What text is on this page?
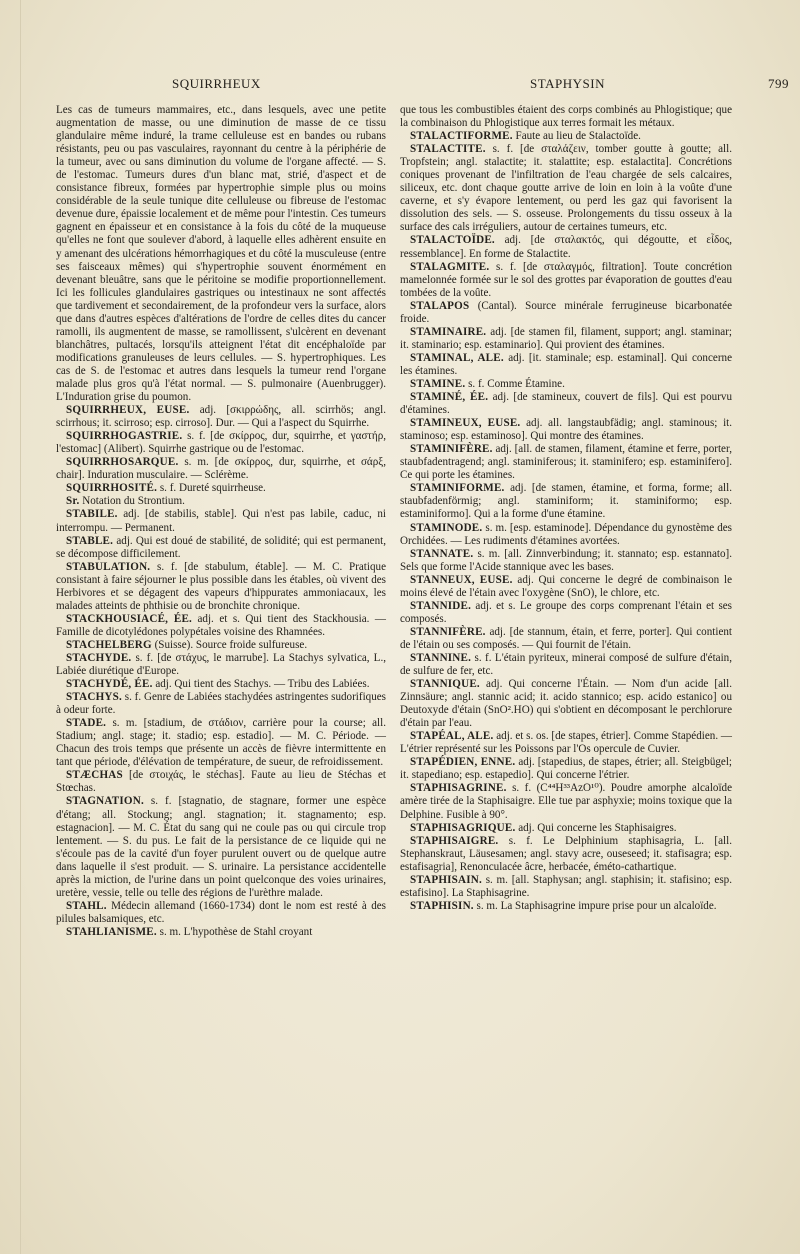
SQUIRRHEUX	STAPHYSIN	799

Les cas de tumeurs mammaires, etc., dans lesquels, avec une petite augmentation de masse, ou une diminution de masse de ce tissu glandulaire même induré, la trame celluleuse est en bandes ou rubans résistants, peu ou pas vasculaires, rayonnant du centre à la périphérie de la tumeur, avec ou sans diminution du volume de l'organe affecté. — S. de l'estomac. Tumeurs dures d'un blanc mat, strié, d'aspect et de consistance fibreux, formées par hypertrophie simple plus ou moins considérable de la seule tunique dite celluleuse ou fibreuse de l'estomac devenue dure, épaissie localement et de même pour l'intestin. Ces tumeurs gagnent en épaisseur et en consistance à la fois du côté de la muqueuse qu'elles ne font que soulever d'abord, à laquelle elles adhèrent ensuite en y amenant des ulcérations hémorrhagiques et du côté la musculeuse (entre ses faisceaux mêmes) qui s'hypertrophie souvent énormément en devenant bleuâtre, sans que le péritoine se modifie proportionnellement. Ici les follicules glandulaires gastriques ou intestinaux ne sont affectés que tardivement et secondairement, de la profondeur vers la surface, alors que dans d'autres espèces d'altérations de l'ordre de celles dites du cancer ramolli, ils augmentent de masse, se ramollissent, s'ulcèrent en devenant blanchâtres, pultacés, lorsqu'ils atteignent l'état dit encéphaloïde par modifications granuleuses de leurs cellules. — S. hypertrophiques. Les cas de S. de l'estomac et autres dans lesquels la tumeur rend l'organe malade plus gros qu'à l'état normal. — S. pulmonaire (Auenbrugger). L'Induration grise du poumon.

SQUIRRHEUX, EUSE. adj. [σκιρρώδης, all. scirrhös; angl. scirrhous; it. scirroso; esp. cirroso]. Dur. — Qui a l'aspect du Squirrhe.

SQUIRRHOGASTRIE. s. f. [de σκίρρος, dur, squirrhe, et γαστήρ, l'estomac] (Alibert). Squirrhe gastrique ou de l'estomac.

SQUIRRHOSARQUE. s. m. [de σκίρρος, dur, squirrhe, et σάρξ, chair]. Induration musculaire. — Sclérème.

SQUIRRHOSITÉ. s. f. Dureté squirrheuse.

Sr. Notation du Strontium.

STABILE. adj. [de stabilis, stable]. Qui n'est pas labile, caduc, ni interrompu. — Permanent.

STABLE. adj. Qui est doué de stabilité, de solidité; qui est permanent, se décompose difficilement.

STABULATION. s. f. [de stabulum, étable]. — M. C. Pratique consistant à faire séjourner le plus possible dans les étables, où vivent des Herbivores et se dégagent des vapeurs d'hippurates ammoniacaux, les malades atteints de phthisie ou de bronchite chronique.

STACKHOUSIACÉ, ÉE. adj. et s. Qui tient des Stackhousia. — Famille de dicotylédones polypétales voisine des Rhamnées.

STACHELBERG (Suisse). Source froide sulfureuse.

STACHYDE. s. f. [de στάχυς, le marrube]. La Stachys sylvatica, L., Labiée diurétique d'Europe.

STACHYDÉ, ÉE. adj. Qui tient des Stachys. — Tribu des Labiées.

STACHYS. s. f. Genre de Labiées stachydées astringentes sudorifiques à odeur forte.

STADE. s. m. [stadium, de στάδιον, carrière pour la course; all. Stadium; angl. stage; it. stadio; esp. estadio]. — M. C. Période. — Chacun des trois temps que présente un accès de fièvre intermittente en tant que période, d'élévation de température, de sueur, de refroidissement.

STÆCHAS [de στοιχάς, le stéchas]. Faute au lieu de Stéchas et Stœchas.

STAGNATION. s. f. [stagnatio, de stagnare, former une espèce d'étang; all. Stockung; angl. stagnation; it. stagnamento; esp. estagnacion]. — M. C. État du sang qui ne coule pas ou qui circule trop lentement. — S. du pus. Le fait de la persistance de ce liquide qui ne s'écoule pas de la cavité d'un foyer purulent ouvert ou de quelque autre dans laquelle il s'est produit. — S. urinaire. La persistance accidentelle après la miction, de l'urine dans un point quelconque des voies urinaires, uretère, vessie, telle ou telle des régions de l'urèthre malade.

STAHL. Médecin allemand (1660-1734) dont le nom est resté à des pilules balsamiques, etc.

STAHLIANISME. s. m. L'hypothèse de Stahl croyant

que tous les combustibles étaient des corps combinés au Phlogistique; que la combinaison du Phlogistique aux terres formait les métaux.

STALACTIFORME. Faute au lieu de Stalactoïde.

STALACTITE. s. f. [de σταλάζειν, tomber goutte à goutte; all. Tropfstein; angl. stalactite; it. stalattite; esp. estalactita]. Concrétions coniques provenant de l'infiltration de l'eau chargée de sels calcaires, siliceux, etc. dont chaque goutte arrive de loin en loin à la voûte d'une caverne, et s'y évapore lentement, ou perd les gaz qui favorisent la dissolution des sels. — S. osseuse. Prolongements du tissu osseux à la surface des cals irréguliers, autour de certaines tumeurs, etc.

STALACTOÏDE. adj. [de σταλακτός, qui dégoutte, et εἶδος, ressemblance]. En forme de Stalactite.

STALAGMITE. s. f. [de σταλαγμός, filtration]. Toute concrétion mamelonnée formée sur le sol des grottes par évaporation de gouttes d'eau tombées de la voûte.

STALAPOS (Cantal). Source minérale ferrugineuse bicarbonatée froide.

STAMINAIRE. adj. [de stamen fil, filament, support; angl. staminar; it. staminario; esp. estaminario]. Qui provient des étamines.

STAMINAL, ALE. adj. [it. staminale; esp. estaminal]. Qui concerne les étamines.

STAMINE. s. f. Comme Étamine.

STAMINÉ, ÉE. adj. [de stamineux, couvert de fils]. Qui est pourvu d'étamines.

STAMINEUX, EUSE. adj. all. langstaubfädig; angl. staminous; it. staminoso; esp. estaminoso]. Qui montre des étamines.

STAMINIFÈRE. adj. [all. de stamen, filament, étamine et ferre, porter, staubfadentragend; angl. staminiferous; it. staminifero; esp. estaminifero]. Ce qui porte les étamines.

STAMINIFORME. adj. [de stamen, étamine, et forma, forme; all. staubfadenförmig; angl. staminiform; it. staminiformo; esp. estaminiformo]. Qui a la forme d'une étamine.

STAMINODE. s. m. [esp. estaminode]. Dépendance du gynostème des Orchidées. — Les rudiments d'étamines avortées.

STANNATE. s. m. [all. Zinnverbindung; it. stannato; esp. estannato]. Sels que forme l'Acide stannique avec les bases.

STANNEUX, EUSE. adj. Qui concerne le degré de combinaison le moins élevé de l'étain avec l'oxygène (SnO), le chlore, etc.

STANNIDE. adj. et s. Le groupe des corps comprenant l'étain et ses composés.

STANNIFÈRE. adj. [de stannum, étain, et ferre, porter]. Qui contient de l'étain ou ses composés. — Qui fournit de l'étain.

STANNINE. s. f. L'étain pyriteux, minerai composé de sulfure d'étain, de sulfure de fer, etc.

STANNIQUE. adj. Qui concerne l'Étain. — Nom d'un acide [all. Zinnsäure; angl. stannic acid; it. acido stannico; esp. acido estanico] ou Deutoxyde d'étain (SnO².HO) qui s'obtient en décomposant le perchlorure d'étain par l'eau.

STAPÉAL, ALE. adj. et s. os. [de stapes, étrier]. Comme Stapédien. — L'étrier représenté sur les Poissons par l'Os opercule de Cuvier.

STAPÉDIEN, ENNE. adj. [stapedius, de stapes, étrier; all. Steigbügel; it. stapediano; esp. estapedio]. Qui concerne l'étrier.

STAPHISAGRINE. s. f. (C⁴⁴H³³AzO¹⁰). Poudre amorphe alcaloïde amère tirée de la Staphisaigre. Elle tue par asphyxie; moins toxique que la Delphine. Fusible à 90°.

STAPHISAGRIQUE. adj. Qui concerne les Staphisaigres.

STAPHISAIGRE. s. f. Le Delphinium staphisagria, L. [all. Stephanskraut, Läusesamen; angl. stavy acre, ouseseed; it. stafisagra; esp. estafisagria], Renonculacée âcre, herbacée, éméto-cathartique.

STAPHISAIN. s. m. [all. Staphysan; angl. staphisin; it. stafisino; esp. estafisino]. La Staphisagrine.

STAPHISIN. s. m. La Staphisagrine impure prise pour un alcaloïde.
